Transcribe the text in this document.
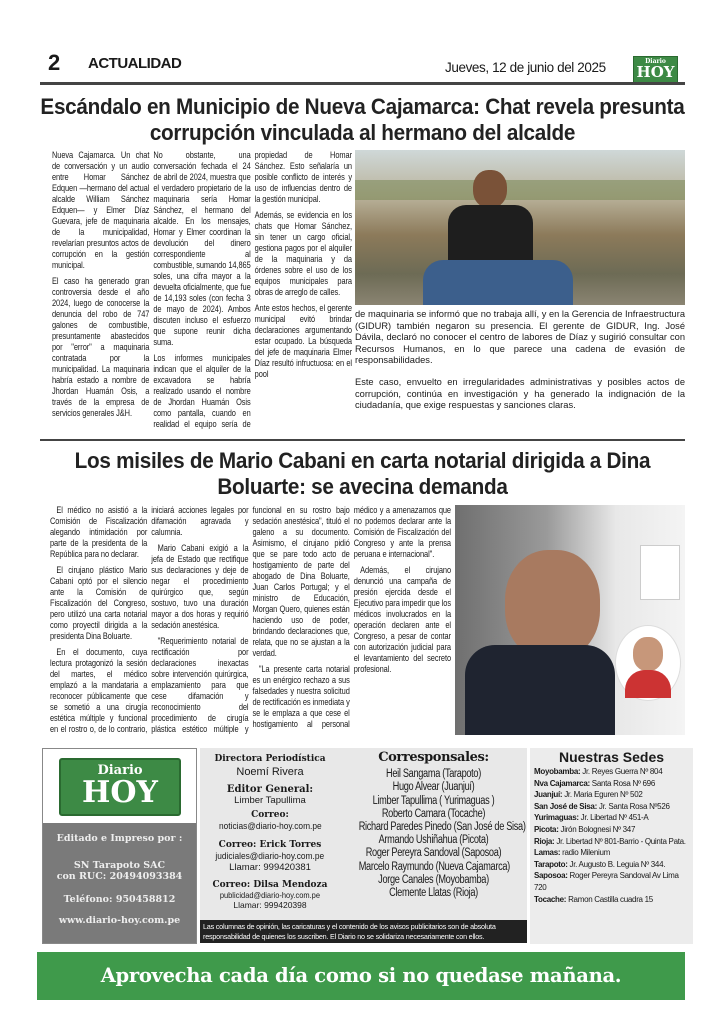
2 ACTUALIDAD	Jueves, 12 de junio del 2025	Diario
HOY
Escándalo en Municipio de Nueva Cajamarca: Chat revela presunta corrupción vinculada al hermano del alcalde

Nueva Cajamarca. Un chat de conversación y un audio entre Homar Sánchez Edquen —hermano del actual alcalde William Sánchez Edquen— y Elmer Díaz Guevara, jefe de maquinaria de la municipalidad, revelarían presuntos actos de corrupción en la gestión municipal.

El caso ha generado gran controversia desde el año 2024, luego de conocerse la denuncia del robo de 747 galones de combustible, presuntamente abastecidos por "error" a maquinaria contratada por la municipalidad. La maquinaria habría estado a nombre de Jhordan Huamán Osis, a través de la empresa de servicios generales J&H.

No obstante, una conversación fechada el 24 de abril de 2024, muestra que el verdadero propietario de la maquinaria sería Homar Sánchez, el hermano del alcalde. En los mensajes, Homar y Elmer coordinan la devolución del dinero correspondiente al combustible, sumando 14,865 soles, una cifra mayor a la devuelta oficialmente, que fue de 14,193 soles (con fecha 3 de mayo de 2024). Ambos discuten incluso el esfuerzo que supone reunir dicha suma.

Los informes municipales indican que el alquiler de la excavadora se habría realizado usando el nombre de Jhordan Huamán Osis como pantalla, cuando en realidad el equipo sería de propiedad de Homar Sánchez. Esto señalaría un posible conflicto de interés y uso de influencias dentro de la gestión municipal.

Además, se evidencia en los chats que Homar Sánchez, sin tener un cargo oficial, gestiona pagos por el alquiler de la maquinaria y da órdenes sobre el uso de los equipos municipales para obras de arreglo de calles.

Ante estos hechos, el gerente municipal evitó brindar declaraciones argumentando estar ocupado. La búsqueda del jefe de maquinaria Elmer Díaz resultó infructuosa: en el pool

de maquinaria se informó que no trabaja allí, y en la Gerencia de Infraestructura (GIDUR) también negaron su presencia. El gerente de GIDUR, Ing. José Dávila, declaró no conocer el centro de labores de Díaz y sugirió consultar con Recursos Humanos, en lo que parece una cadena de evasión de responsabilidades.

Este caso, envuelto en irregularidades administrativas y posibles actos de corrupción, continúa en investigación y ha generado la indignación de la ciudadanía, que exige respuestas y sanciones claras.

Los misiles de Mario Cabani en carta notarial dirigida a Dina Boluarte: se avecina demanda

El médico no asistió a la Comisión de Fiscalización alegando intimidación por parte de la presidenta de la República para no declarar.

El cirujano plástico Mario Cabani optó por el silencio ante la Comisión de Fiscalización del Congreso, pero utilizó una carta notarial como proyectil dirigida a la presidenta Dina Boluarte.

En el documento, cuya lectura protagonizó la sesión del martes, el médico emplazó a la mandataria a reconocer públicamente que se sometió a una cirugía estética múltiple y funcional en el rostro o, de lo contrario, iniciará acciones legales por difamación agravada y calumnia.

Mario Cabani exigió a la jefa de Estado que rectifique sus declaraciones y deje de negar el procedimiento quirúrgico que, según sostuvo, tuvo una duración mayor a dos horas y requirió sedación anestésica.

"Requerimiento notarial de rectificación por declaraciones inexactas sobre intervención quirúrgica, emplazamiento para que cese difamación y reconocimiento del procedimiento de cirugía plástica estético múltiple y funcional en su rostro bajo sedación anestésica", tituló el galeno a su documento. Asimismo, el cirujano pidió que se pare todo acto de hostigamiento de parte del abogado de Dina Boluarte, Juan Carlos Portugal; y el ministro de Educación, Morgan Quero, quienes están haciendo uso de poder, brindando declaraciones que, relata, que no se ajustan a la verdad.

"La presente carta notarial es un enérgico rechazo a sus falsedades y nuestra solicitud de rectificación es inmediata y se le emplaza a que cese el hostigamiento al personal médico y a amenazamos que no podemos declarar ante la Comisión de Fiscalización del Congreso y ante la prensa peruana e internacional".

Además, el cirujano denunció una campaña de presión ejercida desde el Ejecutivo para impedir que los médicos involucrados en la operación declaren ante el Congreso, a pesar de contar con autorización judicial para el levantamiento del secreto profesional.

Diario
HOY
Editado e Impreso por :
SN Tarapoto SAC
con RUC: 20494093384
Teléfono: 950458812
www.diario-hoy.com.pe
Directora Periodística
Noemí Rivera
Editor General:
Limber Tapullima
Correo:
noticias@diario-hoy.com.pe
Correo: Erick Torres
judiciales@diario-hoy.com.pe
Llamar: 999420381
Correo: Dilsa Mendoza
publicidad@diario-hoy.com.pe
Llamar: 999420398
Corresponsales:
Heil Sangama (Tarapoto)
Hugo Alvear (Juanjuí)
Limber Tapullima ( Yurimaguas )
Roberto Camara (Tocache)
Richard Paredes Pinedo (San José de Sisa)
Armando Ushiñahua (Picota)
Roger Pereyra Sandoval (Saposoa)
Marcelo Raymundo (Nueva Cajamarca)
Jorge Canales (Moyobamba)
Clemente Llatas (Rioja)
Las columnas de opinión, las caricaturas y el contenido de los avisos publicitarios son de absoluta responsabilidad de quienes los suscriben. El Diario no se solidariza necesariamente con ellos.
Nuestras Sedes
Moyobamba: Jr. Reyes Guerra Nº 804
Nva Cajamarca: Santa Rosa Nº 696
Juanjuí: Jr. Maria Eguren Nº 502
San José de Sisa: Jr. Santa Rosa Nº526
Yurimaguas: Jr. Libertad Nº 451-A
Picota: Jirón Bolognesi Nº 347
Rioja: Jr. Libertad Nº 801-Barrio - Quinta Pata.
Lamas: radio Milenium
Tarapoto: Jr. Augusto B. Leguia Nº 344.
Saposoa: Roger Pereyra Sandoval Av Lima 720
Tocache: Ramon Castilla cuadra 15
Aprovecha cada día como si no quedase mañana.
